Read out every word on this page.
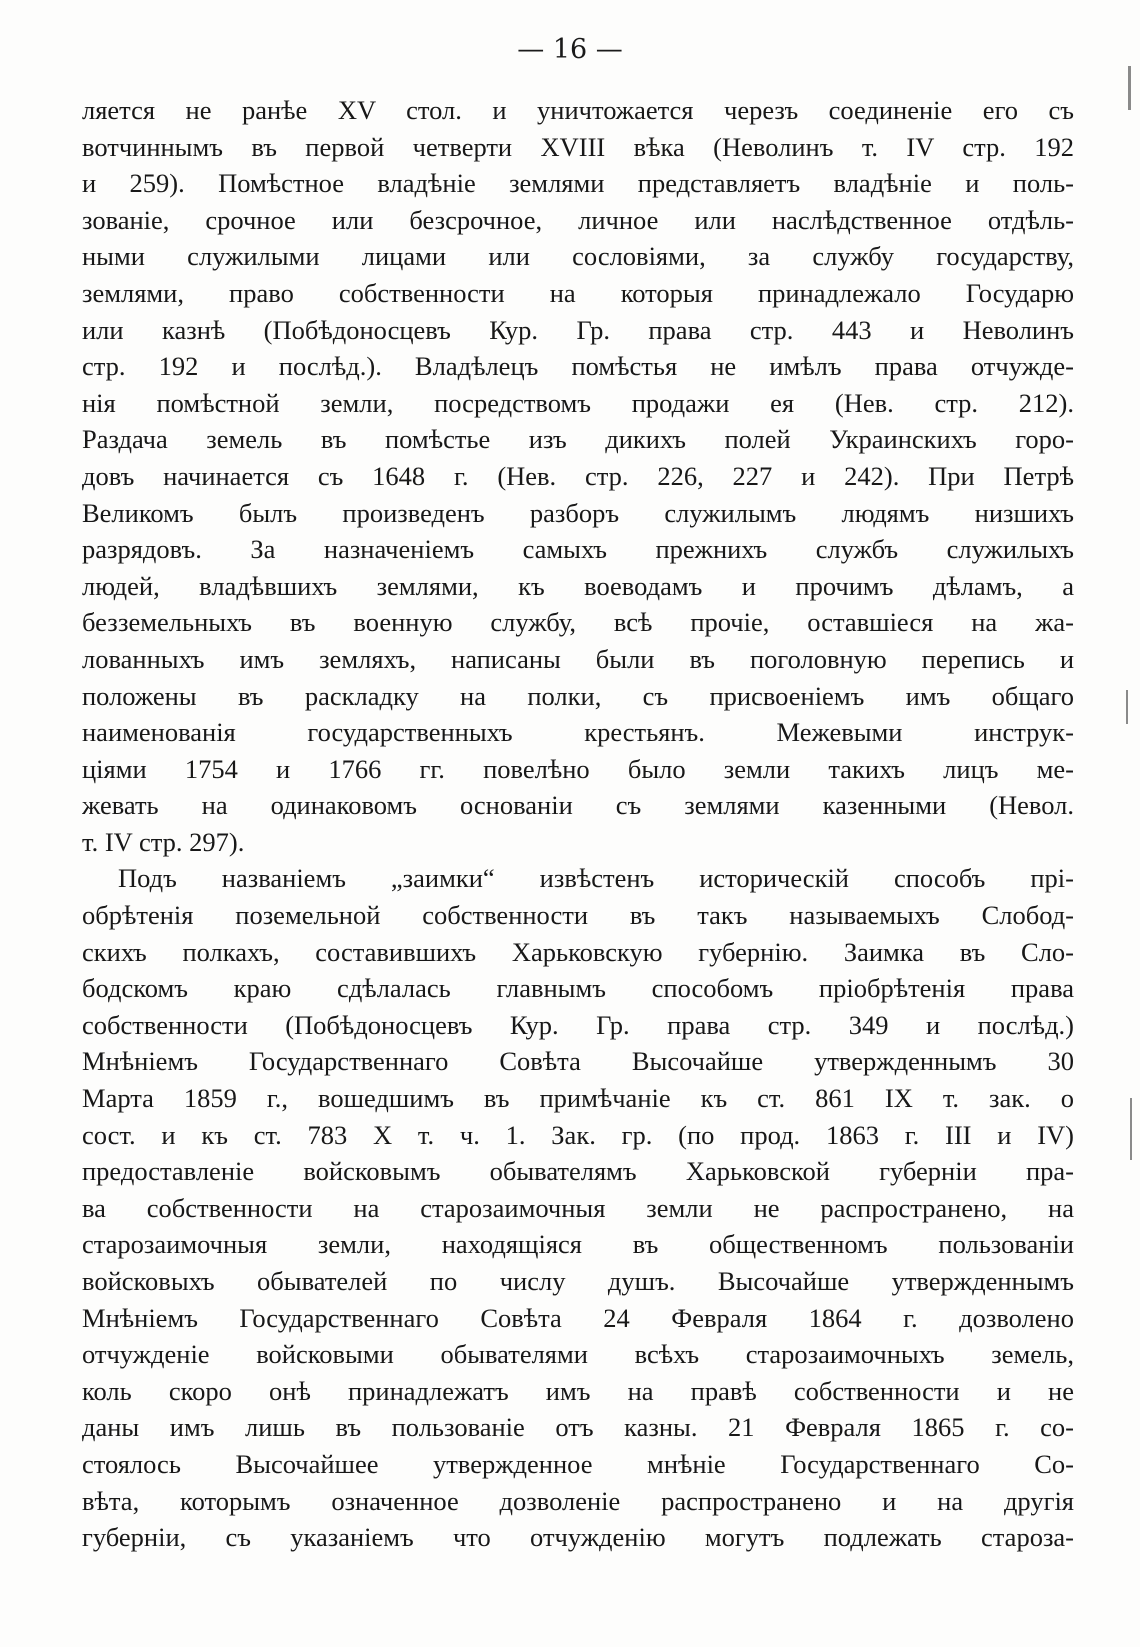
— 16 —
ляется не ранѣе XV стол. и уничтожается черезъ соединеніе его съ
вотчиннымъ въ первой четверти XVIII вѣка (Неволинъ т. IV стр. 192
и 259). Помѣстное владѣніе землями представляетъ владѣніе и поль-
зованіе, срочное или безсрочное, личное или наслѣдственное отдѣль-
ными служилыми лицами или сословіями, за службу государству,
землями, право собственности на которыя принадлежало Государю
или казнѣ (Побѣдоносцевъ Кур. Гр. права стр. 443 и Неволинъ
стр. 192 и послѣд.). Владѣлецъ помѣстья не имѣлъ права отчужде-
нія помѣстной земли, посредствомъ продажи ея (Нев. стр. 212).
Раздача земель въ помѣстье изъ дикихъ полей Украинскихъ горо-
довъ начинается съ 1648 г. (Нев. стр. 226, 227 и 242). При Петрѣ
Великомъ былъ произведенъ разборъ служилымъ людямъ низшихъ
разрядовъ. За назначеніемъ самыхъ прежнихъ службъ служилыхъ
людей, владѣвшихъ землями, къ воеводамъ и прочимъ дѣламъ, а
безземельныхъ въ военную службу, всѣ прочіе, оставшіеся на жа-
лованныхъ имъ земляхъ, написаны были въ поголовную перепись и
положены въ раскладку на полки, съ присвоеніемъ имъ общаго
наименованія государственныхъ крестьянъ. Межевыми инструк-
ціями 1754 и 1766 гг. повелѣно было земли такихъ лицъ ме-
жевать на одинаковомъ основаніи съ землями казенными (Невол.
т. IV стр. 297).
Подъ названіемъ „заимки“ извѣстенъ историческій способъ прі-
обрѣтенія поземельной собственности въ такъ называемыхъ Слобод-
скихъ полкахъ, составившихъ Харьковскую губернію. Заимка въ Сло-
бодскомъ краю сдѣлалась главнымъ способомъ пріобрѣтенія права
собственности (Побѣдоносцевъ Кур. Гр. права стр. 349 и послѣд.)
Мнѣніемъ Государственнаго Совѣта Высочайше утвержденнымъ 30
Марта 1859 г., вошедшимъ въ примѣчаніе къ ст. 861 IX т. зак. о
сост. и къ ст. 783 X т. ч. 1. Зак. гр. (по прод. 1863 г. III и IV)
предоставленіе войсковымъ обывателямъ Харьковской губерніи пра-
ва собственности на старозаимочныя земли не распространено, на
старозаимочныя земли, находящіяся въ общественномъ пользованіи
войсковыхъ обывателей по числу душъ. Высочайше утвержденнымъ
Мнѣніемъ Государственнаго Совѣта 24 Февраля 1864 г. дозволено
отчужденіе войсковыми обывателями всѣхъ старозаимочныхъ земель,
коль скоро онѣ принадлежатъ имъ на правѣ собственности и не
даны имъ лишь въ пользованіе отъ казны. 21 Февраля 1865 г. со-
стоялось Высочайшее утвержденное мнѣніе Государственнаго Со-
вѣта, которымъ означенное дозволеніе распространено и на другія
губерніи, съ указаніемъ что отчужденію могутъ подлежать староза-
